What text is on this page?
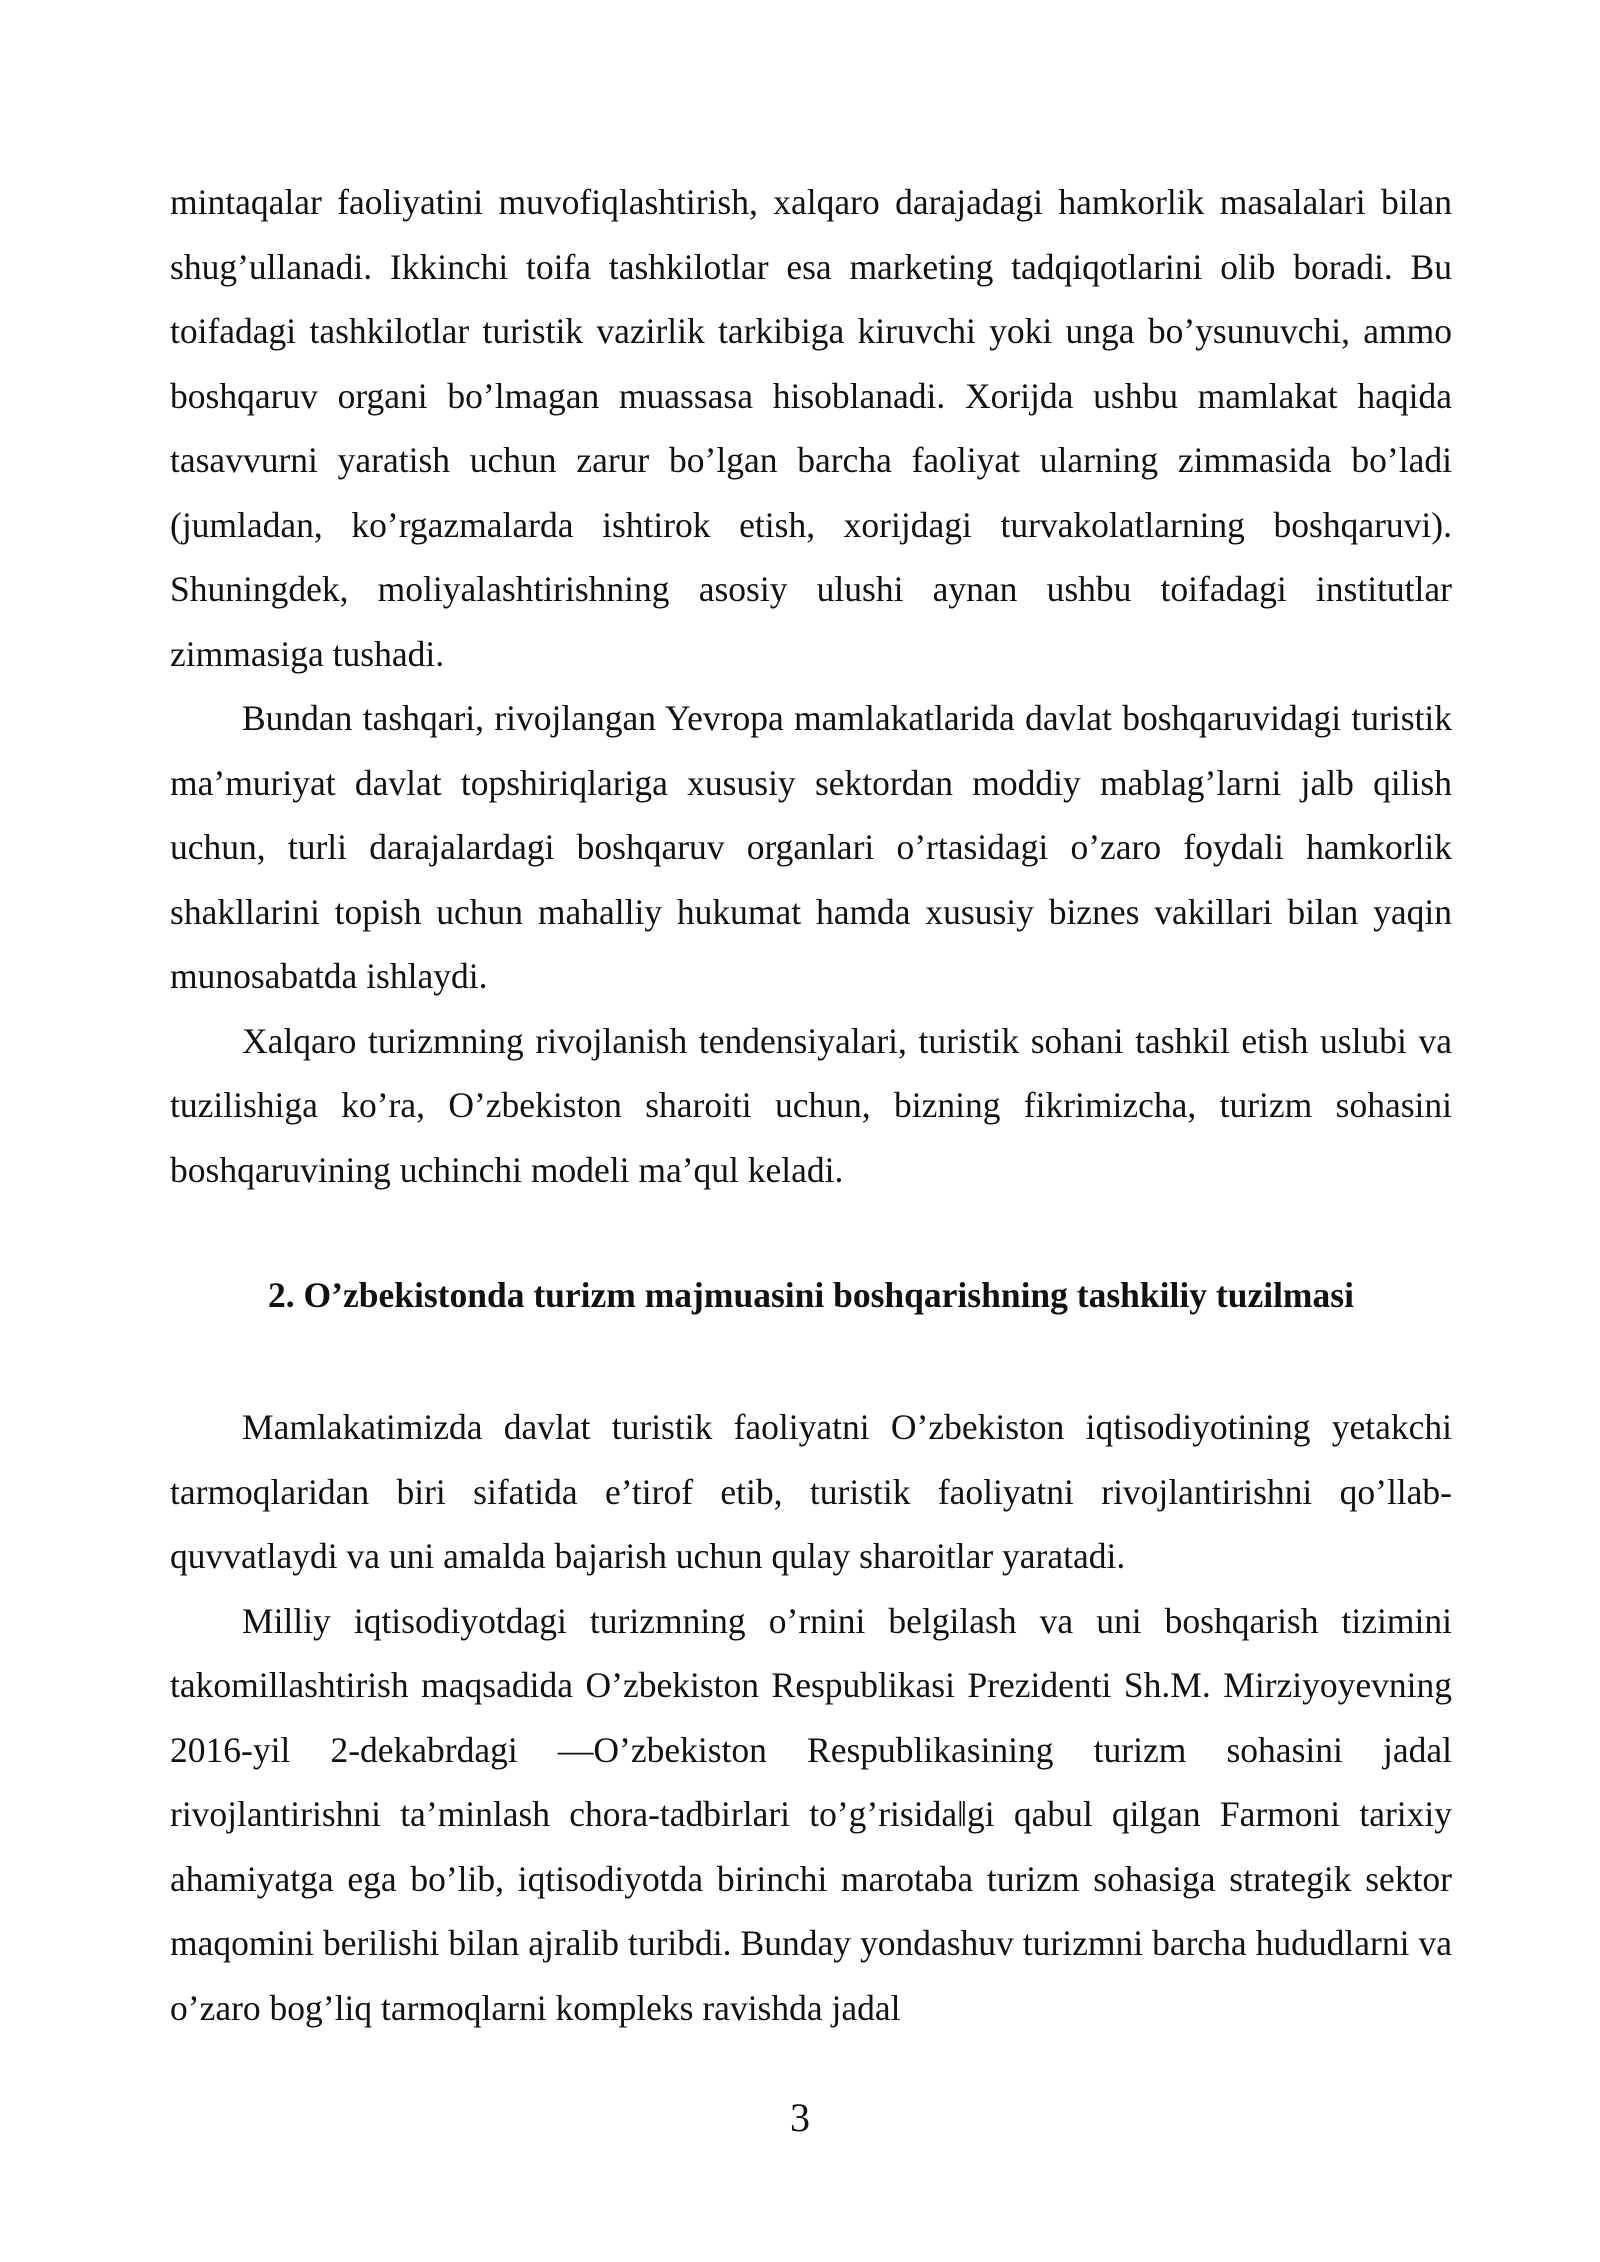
mintaqalar faoliyatini muvofiqlashtirish, xalqaro darajadagi hamkorlik masalalari bilan shug’ullanadi. Ikkinchi toifa tashkilotlar esa marketing tadqiqotlarini olib boradi. Bu toifadagi tashkilotlar turistik vazirlik tarkibiga kiruvchi yoki unga bo’ysunuvchi, ammo boshqaruv organi bo’lmagan muassasa hisoblanadi. Xorijda ushbu mamlakat haqida tasavvurni yaratish uchun zarur bo’lgan barcha faoliyat ularning zimmasida bo’ladi (jumladan, ko’rgazmalarda ishtirok etish, xorijdagi turvakolatlarning boshqaruvi). Shuningdek, moliyalashtirishning asosiy ulushi aynan ushbu toifadagi institutlar zimmasiga tushadi.

Bundan tashqari, rivojlangan Yevropa mamlakatlarida davlat boshqaruvidagi turistik ma’muriyat davlat topshiriqlariga xususiy sektordan moddiy mablag’larni jalb qilish uchun, turli darajalardagi boshqaruv organlari o’rtasidagi o’zaro foydali hamkorlik shakllarini topish uchun mahalliy hukumat hamda xususiy biznes vakillari bilan yaqin munosabatda ishlaydi.

Xalqaro turizmning rivojlanish tendensiyalari, turistik sohani tashkil etish uslubi va tuzilishiga ko’ra, O’zbekiston sharoiti uchun, bizning fikrimizcha, turizm sohasini boshqaruvining uchinchi modeli ma’qul keladi.

2. O’zbekistonda turizm majmuasini boshqarishning tashkiliy tuzilmasi

Mamlakatimizda davlat turistik faoliyatni O’zbekiston iqtisodiyotining yetakchi tarmoqlaridan biri sifatida e’tirof etib, turistik faoliyatni rivojlantirishni qo’llab-quvvatlaydi va uni amalda bajarish uchun qulay sharoitlar yaratadi.

Milliy iqtisodiyotdagi turizmning o’rnini belgilash va uni boshqarish tizimini takomillashtirish maqsadida O’zbekiston Respublikasi Prezidenti Sh.M. Mirziyoyevning 2016-yil 2-dekabrdagi ―O’zbekiston Respublikasining turizm sohasini jadal rivojlantirishni ta’minlash chora-tadbirlari to’g’risida‖gi qabul qilgan Farmoni tarixiy ahamiyatga ega bo’lib, iqtisodiyotda birinchi marotaba turizm sohasiga strategik sektor maqomini berilishi bilan ajralib turibdi. Bunday yondashuv turizmni barcha hududlarni va o’zaro bog’liq tarmoqlarni kompleks ravishda jadal

3
